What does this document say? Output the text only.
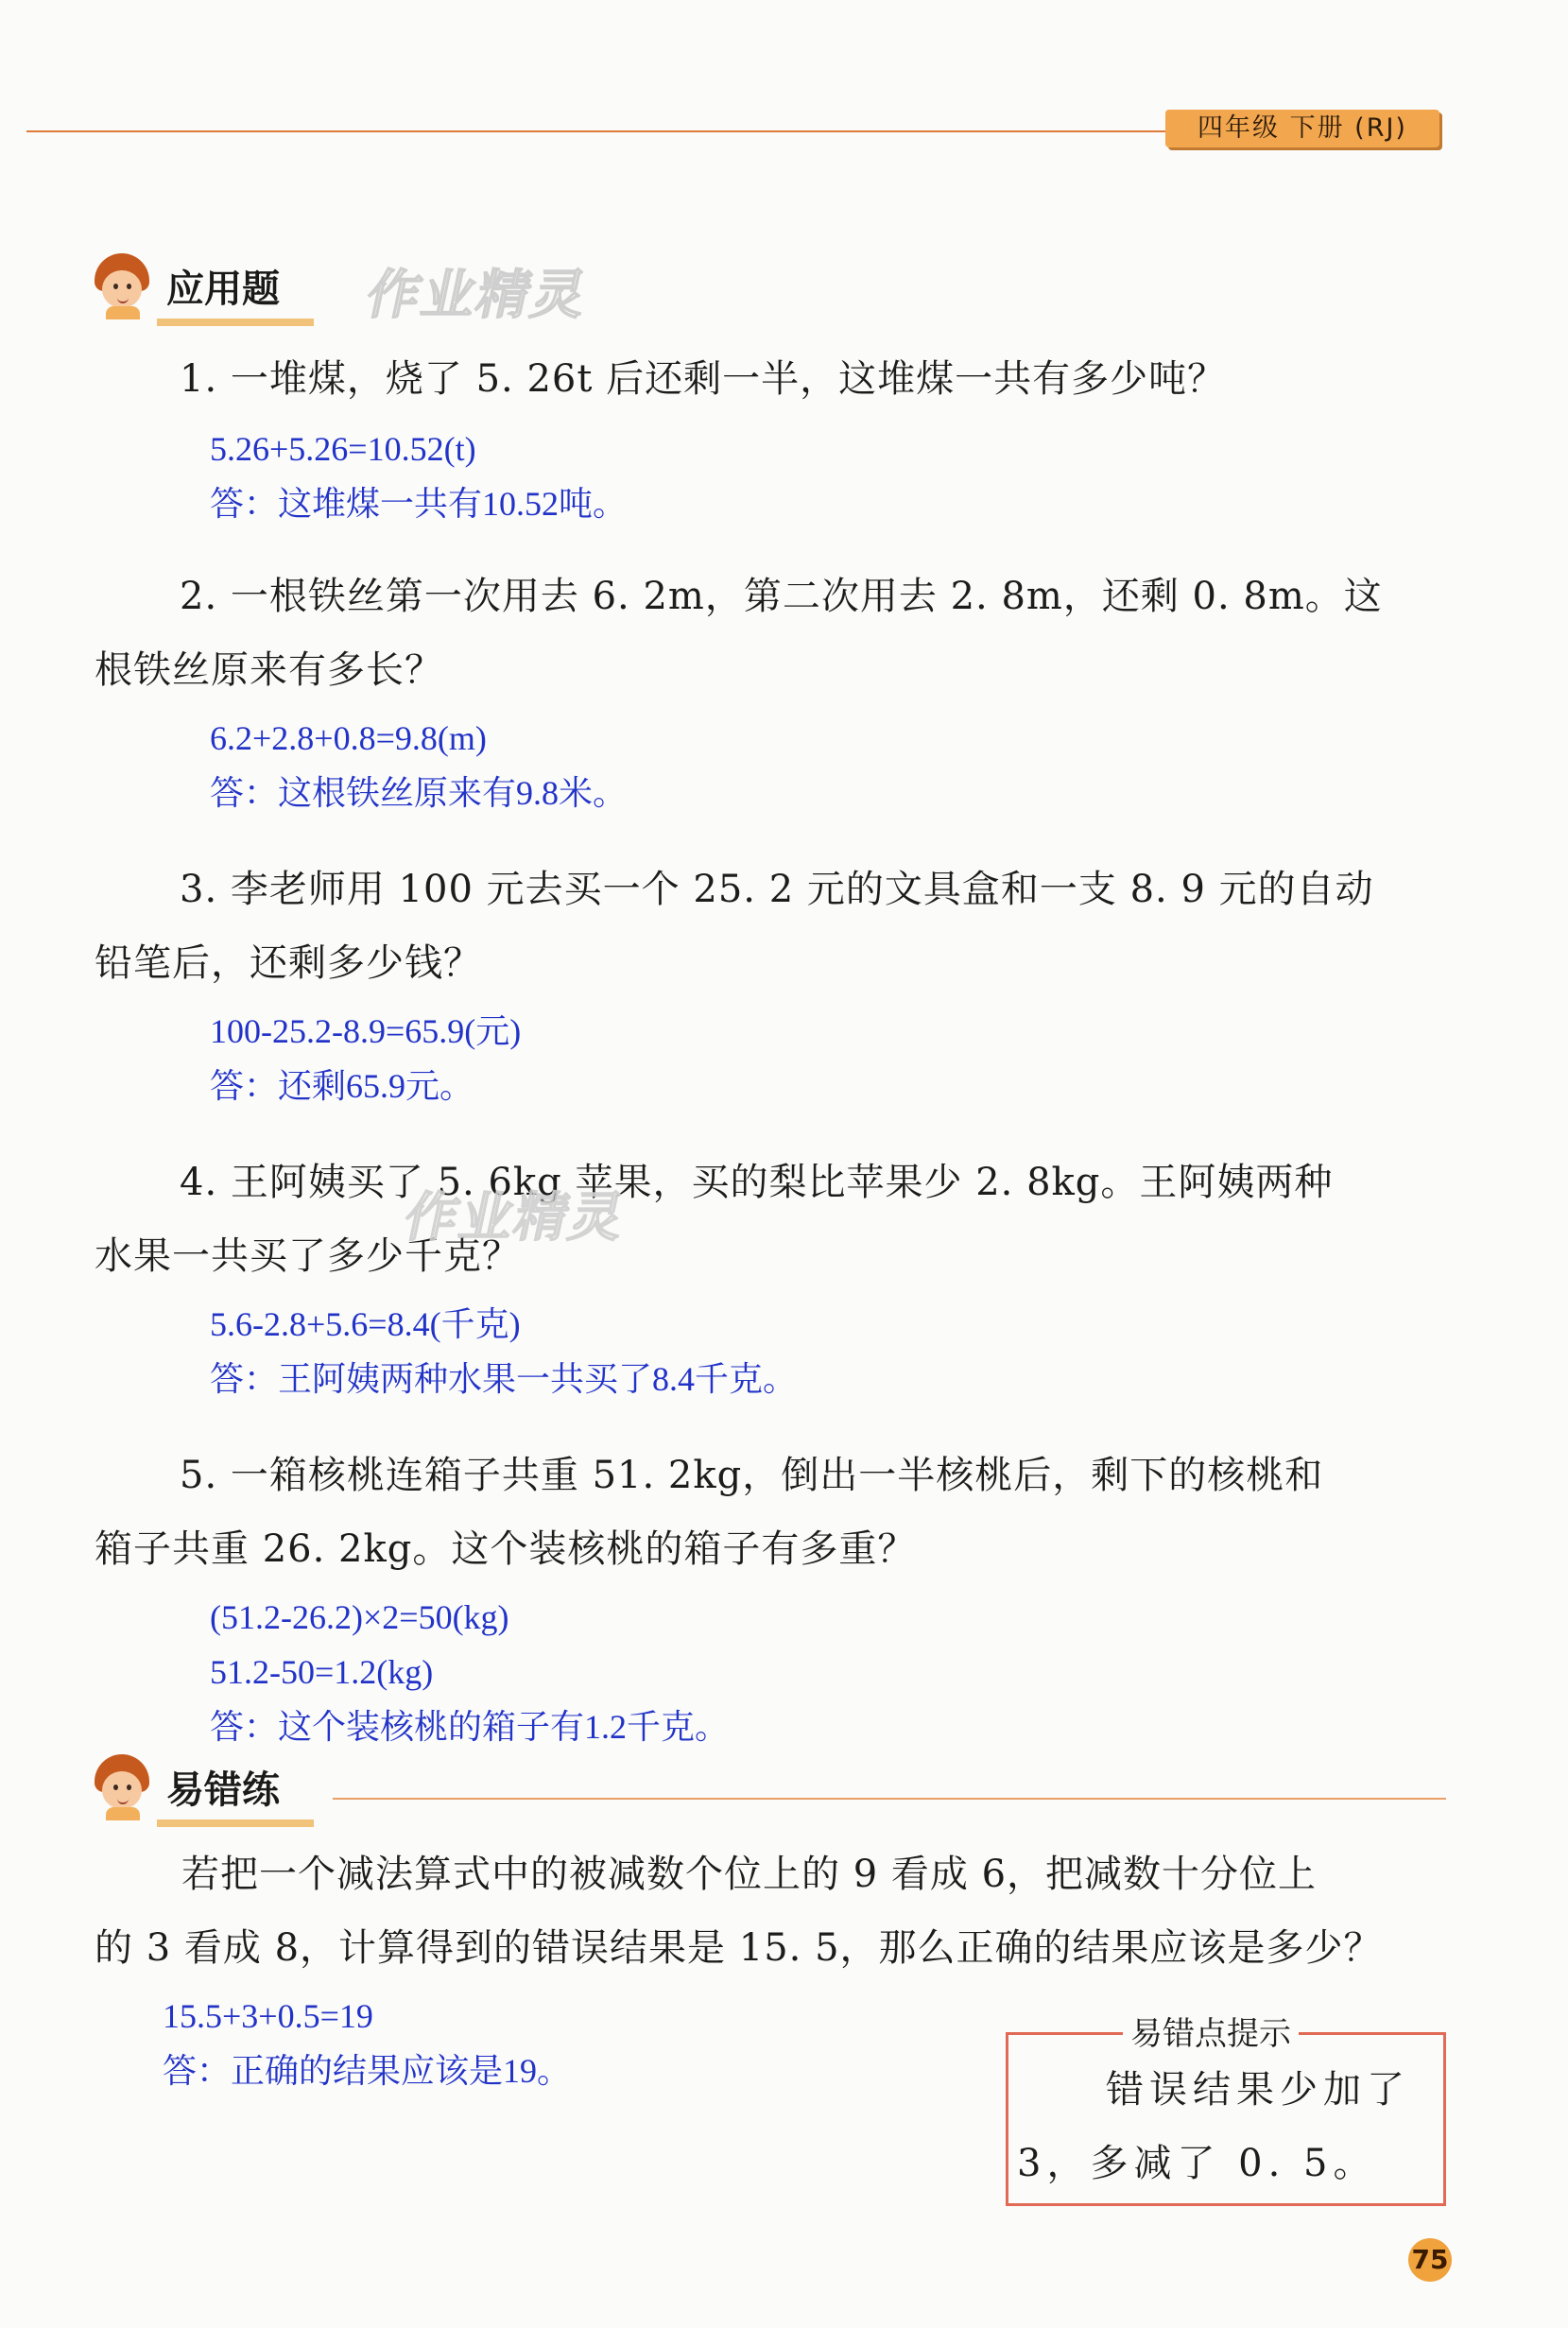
四年级 下册 (RJ)
应用题 作业精灵
1. 一堆煤，烧了 5. 26t 后还剩一半，这堆煤一共有多少吨？
5.26+5.26=10.52(t)
答：这堆煤一共有10.52吨。
2. 一根铁丝第一次用去 6. 2m，第二次用去 2. 8m，还剩 0. 8m。这
根铁丝原来有多长？
6.2+2.8+0.8=9.8(m)
答：这根铁丝原来有9.8米。
3. 李老师用 100 元去买一个 25. 2 元的文具盒和一支 8. 9 元的自动
铅笔后，还剩多少钱？
100-25.2-8.9=65.9(元)
答：还剩65.9元。
4. 王阿姨买了 5. 6kg 苹果，买的梨比苹果少 2. 8kg。王阿姨两种
水果一共买了多少千克？
作业精灵
5.6-2.8+5.6=8.4(千克)
答：王阿姨两种水果一共买了8.4千克。
5. 一箱核桃连箱子共重 51. 2kg，倒出一半核桃后，剩下的核桃和
箱子共重 26. 2kg。这个装核桃的箱子有多重？
(51.2-26.2)×2=50(kg)
51.2-50=1.2(kg)
答：这个装核桃的箱子有1.2千克。
易错练
若把一个减法算式中的被减数个位上的 9 看成 6，把减数十分位上
的 3 看成 8，计算得到的错误结果是 15. 5，那么正确的结果应该是多少？
15.5+3+0.5=19
答：正确的结果应该是19。
易错点提示
错误结果少加了
3，多减了 0. 5。
75
